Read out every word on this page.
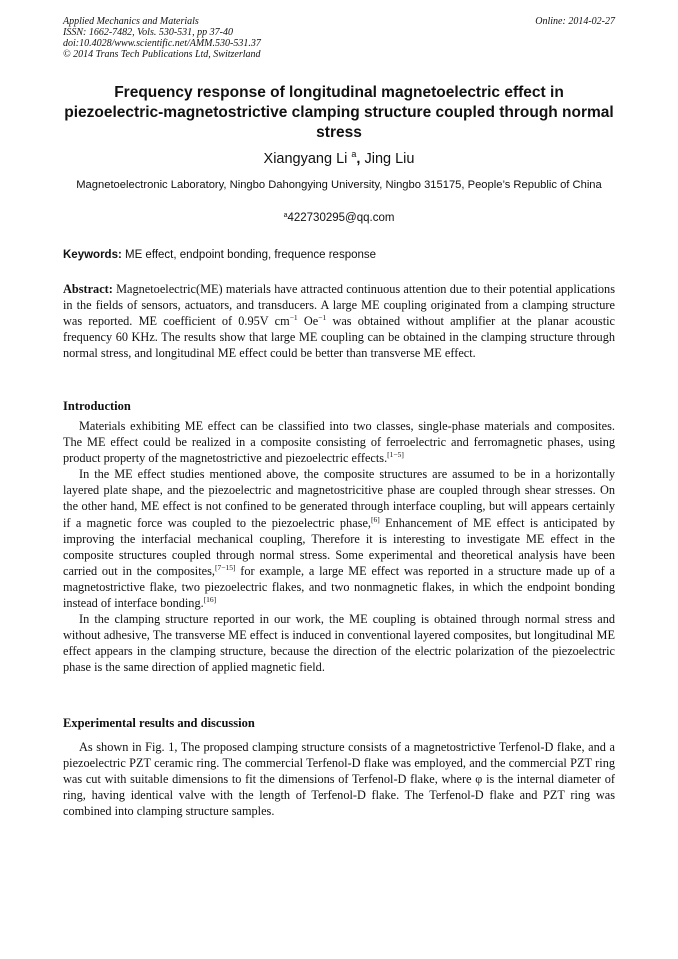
Applied Mechanics and Materials
ISSN: 1662-7482, Vols. 530-531, pp 37-40
doi:10.4028/www.scientific.net/AMM.530-531.37
© 2014 Trans Tech Publications Ltd, Switzerland
Online: 2014-02-27
Frequency response of longitudinal magnetoelectric effect in piezoelectric-magnetostrictive clamping structure coupled through normal stress
Xiangyang Li $^a$, Jing Liu
Magnetoelectronic Laboratory, Ningbo Dahongying University, Ningbo 315175, People’s Republic of China
$^a$422730295@qq.com
Keywords: ME effect, endpoint bonding, frequence response

Abstract: Magnetoelectric(ME) materials have attracted continuous attention due to their potential applications in the fields of sensors, actuators, and transducers. A large ME coupling originated from a clamping structure was reported. ME coefficient of 0.95V $cm^{-1}$ $Oe^{-1}$ was obtained without amplifier at the planar acoustic frequency 60 KHz. The results show that large ME coupling can be obtained in the clamping structure through normal stress, and longitudinal ME effect could be better than transverse ME effect.

Introduction

Materials exhibiting ME effect can be classified into two classes, single-phase materials and composites. The ME effect could be realized in a composite consisting of ferroelectric and ferromagnetic phases, using product property of the magnetostrictive and piezoelectric effects.[1−5]

In the ME effect studies mentioned above, the composite structures are assumed to be in a horizontally layered plate shape, and the piezoelectric and magnetostricitive phase are coupled through shear stresses. On the other hand, ME effect is not confined to be generated through interface coupling, but will appears certainly if a magnetic force was coupled to the piezoelectric phase,[6] Enhancement of ME effect is anticipated by improving the interfacial mechanical coupling, Therefore it is interesting to investigate ME effect in the composite structures coupled through normal stress. Some experimental and theoretical analysis have been carried out in the composites,[7−15] for example, a large ME effect was reported in a structure made up of a magnetostrictive flake, two piezoelectric flakes, and two nonmagnetic flakes, in which the endpoint bonding instead of interface bonding.[16]

In the clamping structure reported in our work, the ME coupling is obtained through normal stress and without adhesive, The transverse ME effect is induced in conventional layered composites, but longitudinal ME effect appears in the clamping structure, because the direction of the electric polarization of the piezoelectric phase is the same direction of applied magnetic field.

Experimental results and discussion

As shown in Fig. 1, The proposed clamping structure consists of a magnetostrictive Terfenol-D flake, and a piezoelectric PZT ceramic ring. The commercial Terfenol-D flake was employed, and the commercial PZT ring was cut with suitable dimensions to fit the dimensions of Terfenol-D flake, where φ is the internal diameter of ring, having identical valve with the length of Terfenol-D flake. The Terfenol-D flake and PZT ring was combined into clamping structure samples.
